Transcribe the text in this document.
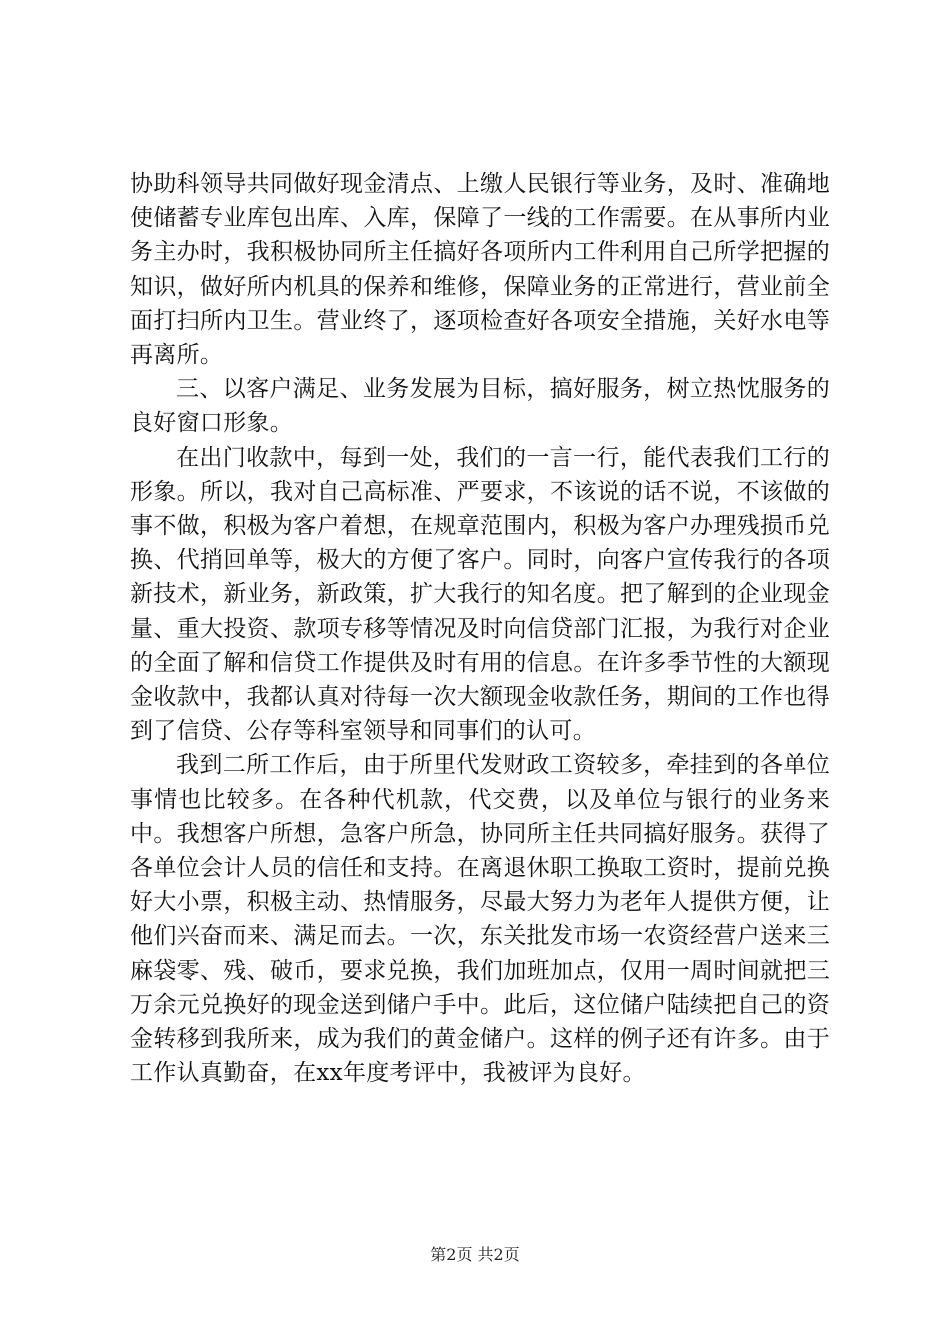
协助科领导共同做好现金清点、上缴人民银行等业务，及时、准确地使储蓄专业库包出库、入库，保障了一线的工作需要。在从事所内业务主办时，我积极协同所主任搞好各项所内工件利用自己所学把握的知识，做好所内机具的保养和维修，保障业务的正常进行，营业前全面打扫所内卫生。营业终了，逐项检查好各项安全措施，关好水电等再离所。

三、以客户满足、业务发展为目标，搞好服务，树立热忱服务的良好窗口形象。

在出门收款中，每到一处，我们的一言一行，能代表我们工行的形象。所以，我对自己高标准、严要求，不该说的话不说，不该做的事不做，积极为客户着想，在规章范围内，积极为客户办理残损币兑换、代捎回单等，极大的方便了客户。同时，向客户宣传我行的各项新技术，新业务，新政策，扩大我行的知名度。把了解到的企业现金量、重大投资、款项专移等情况及时向信贷部门汇报，为我行对企业的全面了解和信贷工作提供及时有用的信息。在许多季节性的大额现金收款中，我都认真对待每一次大额现金收款任务，期间的工作也得到了信贷、公存等科室领导和同事们的认可。

我到二所工作后，由于所里代发财政工资较多，牵挂到的各单位事情也比较多。在各种代机款，代交费，以及单位与银行的业务来中。我想客户所想，急客户所急，协同所主任共同搞好服务。获得了各单位会计人员的信任和支持。在离退休职工换取工资时，提前兑换好大小票，积极主动、热情服务，尽最大努力为老年人提供方便，让他们兴奋而来、满足而去。一次，东关批发市场一农资经营户送来三麻袋零、残、破币，要求兑换，我们加班加点，仅用一周时间就把三万余元兑换好的现金送到储户手中。此后，这位储户陆续把自己的资金转移到我所来，成为我们的黄金储户。这样的例子还有许多。由于工作认真勤奋，在xx年度考评中，我被评为良好。

第2页 共2页
